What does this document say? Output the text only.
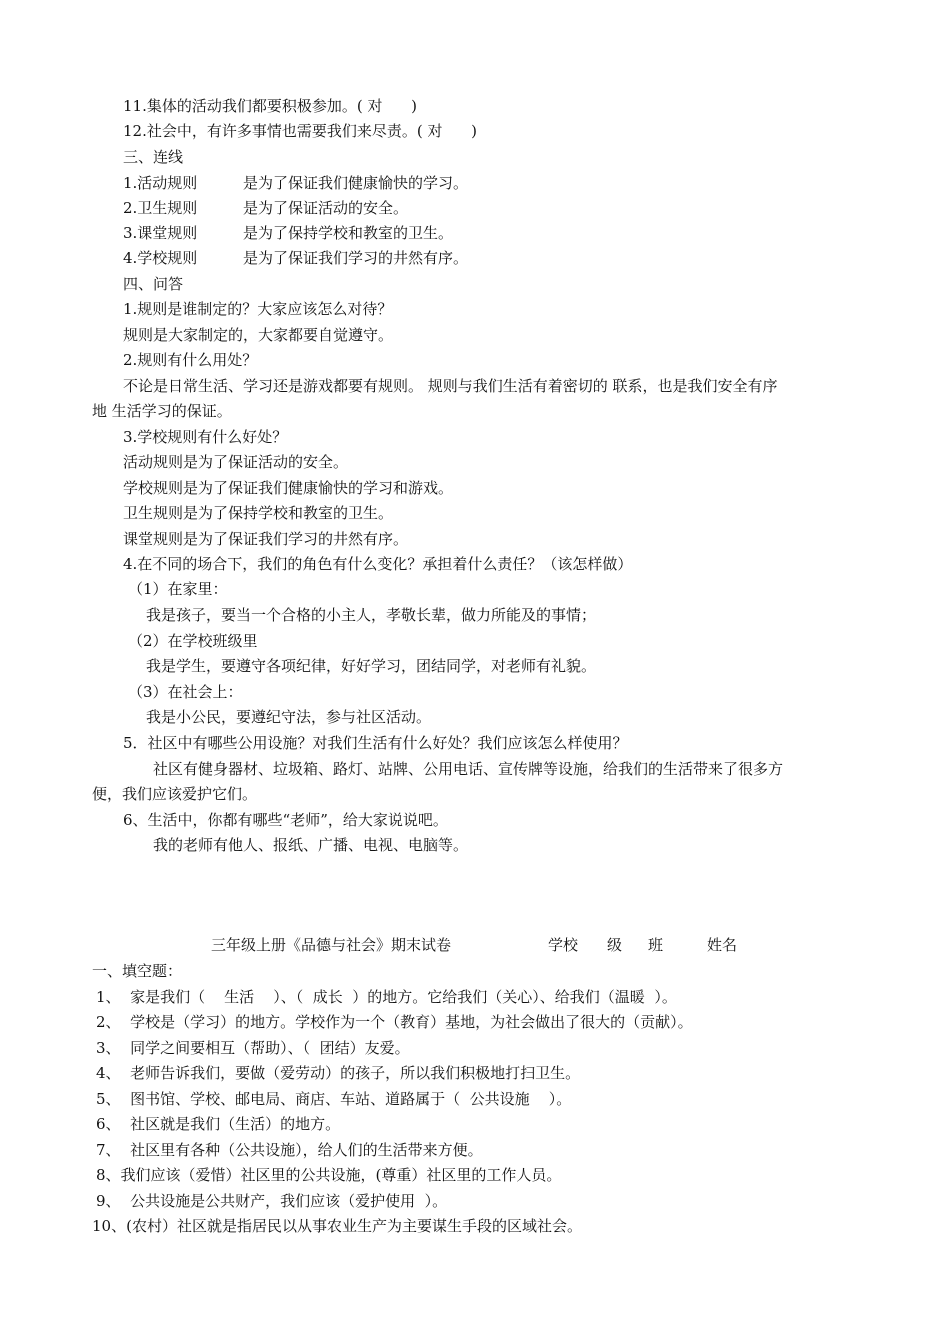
11.集体的活动我们都要积极参加。( 对      )
12.社会中，有许多事情也需要我们来尽责。( 对      )
三、连线
1.活动规则	是为了保证我们健康愉快的学习。
2.卫生规则	是为了保证活动的安全。
3.课堂规则	是为了保持学校和教室的卫生。
4.学校规则	是为了保证我们学习的井然有序。
四、问答
1.规则是谁制定的？大家应该怎么对待？
规则是大家制定的，大家都要自觉遵守。
2.规则有什么用处？
不论是日常生活、学习还是游戏都要有规则。 规则与我们生活有着密切的 联系，也是我们安全有序
地 生活学习的保证。
3.学校规则有什么好处？
活动规则是为了保证活动的安全。
学校规则是为了保证我们健康愉快的学习和游戏。
卫生规则是为了保持学校和教室的卫生。
课堂规则是为了保证我们学习的井然有序。
4.在不同的场合下，我们的角色有什么变化？承担着什么责任？（该怎样做）
（1）在家里：
我是孩子，要当一个合格的小主人，孝敬长辈，做力所能及的事情；
（2）在学校班级里
我是学生，要遵守各项纪律，好好学习，团结同学，对老师有礼貌。
（3）在社会上：
我是小公民，要遵纪守法，参与社区活动。
5．社区中有哪些公用设施？对我们生活有什么好处？我们应该怎么样使用？
社区有健身器材、垃圾箱、路灯、站牌、公用电话、宣传牌等设施，给我们的生活带来了很多方
便，我们应该爱护它们。
6、生活中，你都有哪些“老师”，给大家说说吧。
我的老师有他人、报纸、广播、电视、电脑等。
三年级上册《品德与社会》期末试卷	学校 级 班	姓名
一、填空题：
1、  家是我们（    生活    ）、（  成长  ）的地方。它给我们（关心）、给我们（温暖  ）。
2、  学校是（学习）的地方。学校作为一个（教育）基地，为社会做出了很大的（贡献）。
3、  同学之间要相互（帮助）、（  团结）友爱。
4、  老师告诉我们，要做（爱劳动）的孩子，所以我们积极地打扫卫生。
5、  图书馆、学校、邮电局、商店、车站、道路属于（  公共设施    ）。
6、  社区就是我们（生活）的地方。
7、  社区里有各种（公共设施），给人们的生活带来方便。
8、我们应该（爱惜）社区里的公共设施，(尊重）社区里的工作人员。
9、  公共设施是公共财产，我们应该（爱护使用  ）。
10、(农村）社区就是指居民以从事农业生产为主要谋生手段的区域社会。
